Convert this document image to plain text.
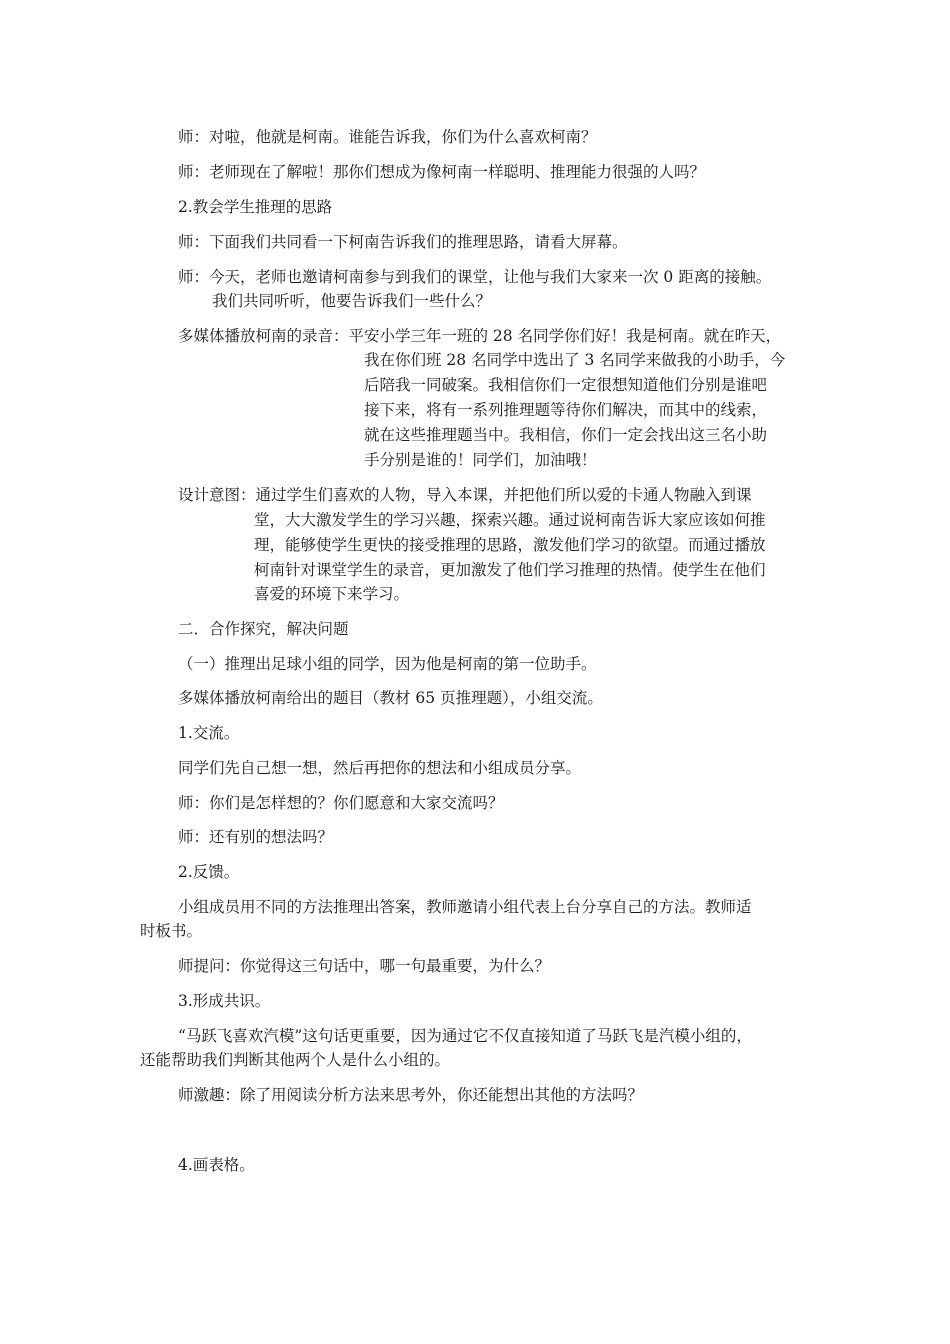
师：对啦，他就是柯南。谁能告诉我，你们为什么喜欢柯南？
师：老师现在了解啦！那你们想成为像柯南一样聪明、推理能力很强的人吗？
2.教会学生推理的思路
师：下面我们共同看一下柯南告诉我们的推理思路，请看大屏幕。
师：今天，老师也邀请柯南参与到我们的课堂，让他与我们大家来一次 0 距离的接触。
我们共同听听，他要告诉我们一些什么？
多媒体播放柯南的录音：平安小学三年一班的 28 名同学你们好！我是柯南。就在昨天，
我在你们班 28 名同学中选出了 3 名同学来做我的小助手，今
后陪我一同破案。我相信你们一定很想知道他们分别是谁吧
接下来，将有一系列推理题等待你们解决，而其中的线索，
就在这些推理题当中。我相信，你们一定会找出这三名小助
手分别是谁的！同学们，加油哦！
设计意图：通过学生们喜欢的人物，导入本课，并把他们所以爱的卡通人物融入到课
堂，大大激发学生的学习兴趣，探索兴趣。通过说柯南告诉大家应该如何推
理，能够使学生更快的接受推理的思路，激发他们学习的欲望。而通过播放
柯南针对课堂学生的录音，更加激发了他们学习推理的热情。使学生在他们
喜爱的环境下来学习。
二．合作探究，解决问题
（一）推理出足球小组的同学，因为他是柯南的第一位助手。
多媒体播放柯南给出的题目（教材 65 页推理题），小组交流。
1.交流。
同学们先自己想一想，然后再把你的想法和小组成员分享。
师：你们是怎样想的？你们愿意和大家交流吗？
师：还有别的想法吗？
2.反馈。
小组成员用不同的方法推理出答案，教师邀请小组代表上台分享自己的方法。教师适
时板书。
师提问：你觉得这三句话中，哪一句最重要，为什么？
3.形成共识。
“马跃飞喜欢汽模”这句话更重要，因为通过它不仅直接知道了马跃飞是汽模小组的，
还能帮助我们判断其他两个人是什么小组的。
师激趣：除了用阅读分析方法来思考外，你还能想出其他的方法吗？
4.画表格。
